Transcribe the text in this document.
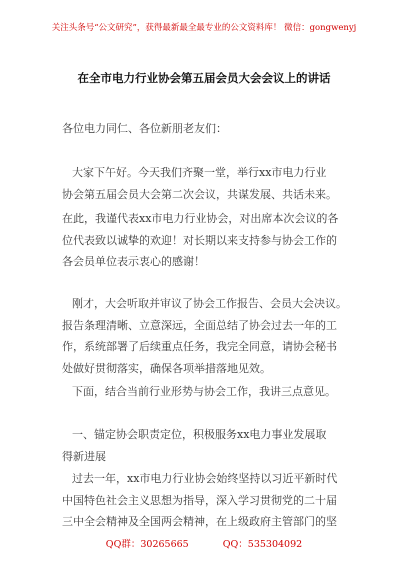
关注头条号“公文研究”，获得最新最全最专业的公文资料库！ 微信：gongwenyj
在全市电力行业协会第五届会员大会会议上的讲话
各位电力同仁、各位新朋老友们：
大家下午好。今天我们齐聚一堂，举行xx市电力行业
协会第五届会员大会第二次会议，共谋发展、共话未来。
在此，我谨代表xx市电力行业协会，对出席本次会议的各
位代表致以诚挚的欢迎！对长期以来支持参与协会工作的
各会员单位表示衷心的感谢！
刚才，大会听取并审议了协会工作报告、会员大会决议。
报告条理清晰、立意深远，全面总结了协会过去一年的工
作，系统部署了后续重点任务，我完全同意，请协会秘书
处做好贯彻落实，确保各项举措落地见效。
下面，结合当前行业形势与协会工作，我讲三点意见。
一、锚定协会职责定位，积极服务xx电力事业发展取
得新进展
过去一年，xx市电力行业协会始终坚持以习近平新时代
中国特色社会主义思想为指导，深入学习贯彻党的二十届
三中全会精神及全国两会精神，在上级政府主管部门的坚
QQ群：30265665	QQ：535304092
